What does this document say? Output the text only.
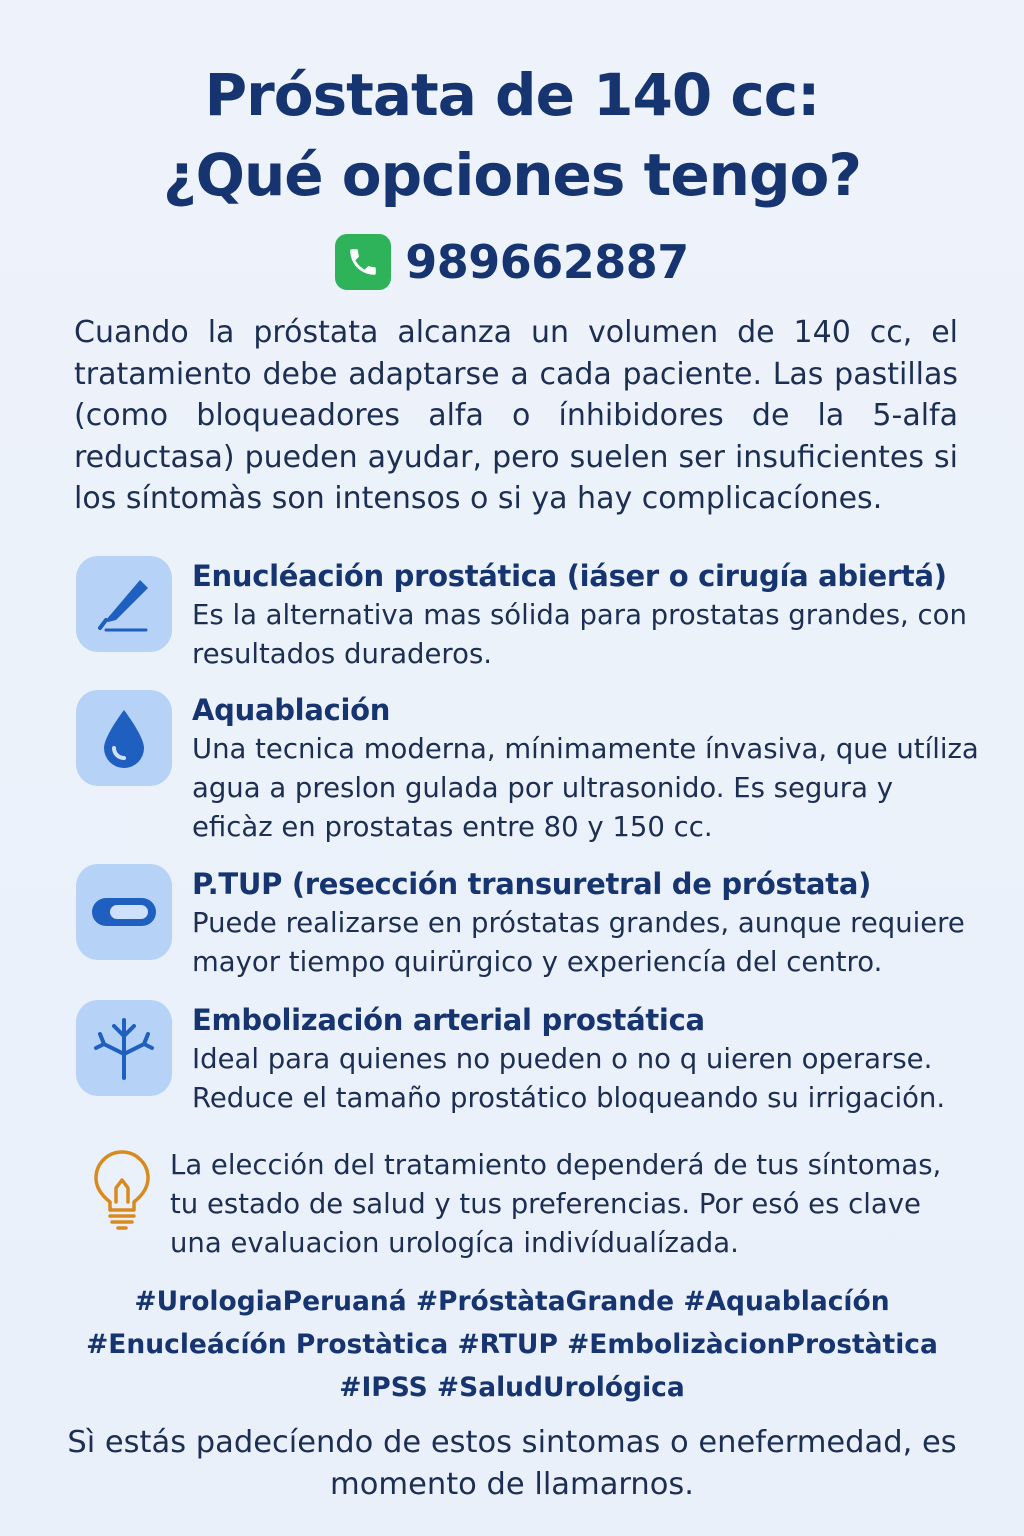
Próstata de 140 cc:
¿Qué opciones tengo?
989662887

Cuando la próstata alcanza un volumen de 140 cc, el tratamiento debe adaptarse a cada paciente. Las pastillas (como bloqueadores alfa o ínhibidores de la 5-alfa reductasa) pueden ayudar, pero suelen ser insuficientes si los síntomàs son intensos o si ya hay complicacíones.

Enucléación prostática (iáser o cirugía abiertá)

Es la alternativa mas sólida para prostatas grandes, con resultados duraderos.

Aquablación

Una tecnica moderna, mínimamente ínvasiva, que utíliza agua a preslon gulada por ultrasonido. Es segura y eficàz en prostatas entre 80 y 150 cc.

P.TUP (resección transuretral de próstata)

Puede realizarse en próstatas grandes, aunque requiere mayor tiempo quirürgico y experiencía del centro.

Embolización arterial prostática

Ideal para quienes no pueden o no q uieren operarse. Reduce el tamaño prostático bloqueando su irrigación.

La elección del tratamiento dependerá de tus síntomas, tu estado de salud y tus preferencias. Por esó es clave una evaluacion urologíca indivídualízada.

#UrologiaPeruaná #PróstàtaGrande #Aquablacíón #Enucleácíón Prostàtica #RTUP #EmbolizàcionProstàtica #IPSS #SaludUrológica

Sì estás padecíendo de estos sintomas o enefermedad, es momento de llamarnos.
